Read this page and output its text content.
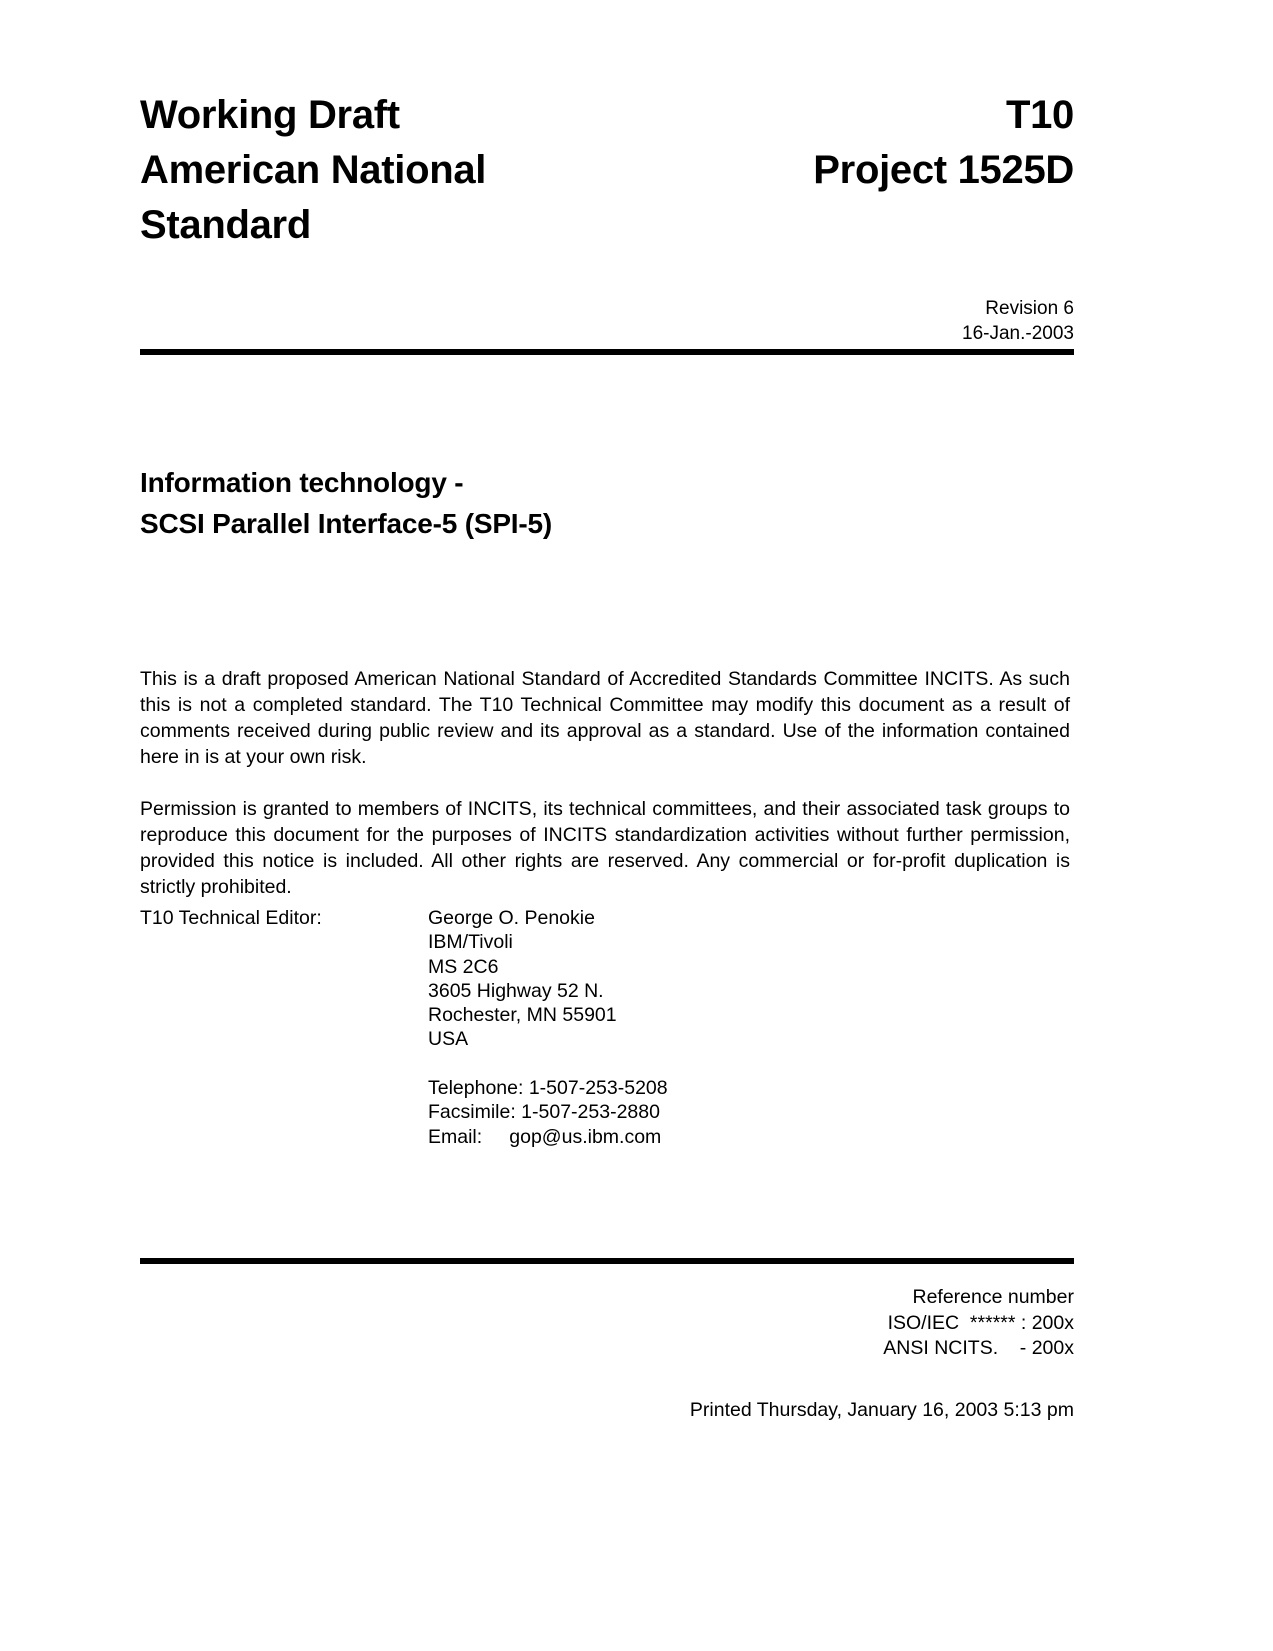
Working Draft
American National
Standard
T10
Project 1525D
Revision 6
16-Jan.-2003
Information technology -
SCSI Parallel Interface-5 (SPI-5)

This is a draft proposed American National Standard of Accredited Standards Committee INCITS. As such this is not a completed standard. The T10 Technical Committee may modify this document as a result of comments received during public review and its approval as a standard. Use of the information contained here in is at your own risk.

Permission is granted to members of INCITS, its technical committees, and their associated task groups to reproduce this document for the purposes of INCITS standardization activities without further permission, provided this notice is included. All other rights are reserved. Any commercial or for-profit duplication is strictly prohibited.

T10 Technical Editor:	George O. Penokie
IBM/Tivoli
MS 2C6
3605 Highway 52 N.
Rochester, MN 55901
USA
Telephone: 1-507-253-5208
Facsimile: 1-507-253-2880
Email:     gop@us.ibm.com
Reference number
ISO/IEC  ****** : 200x
ANSI NCITS.    - 200x
Printed Thursday, January 16, 2003 5:13 pm
